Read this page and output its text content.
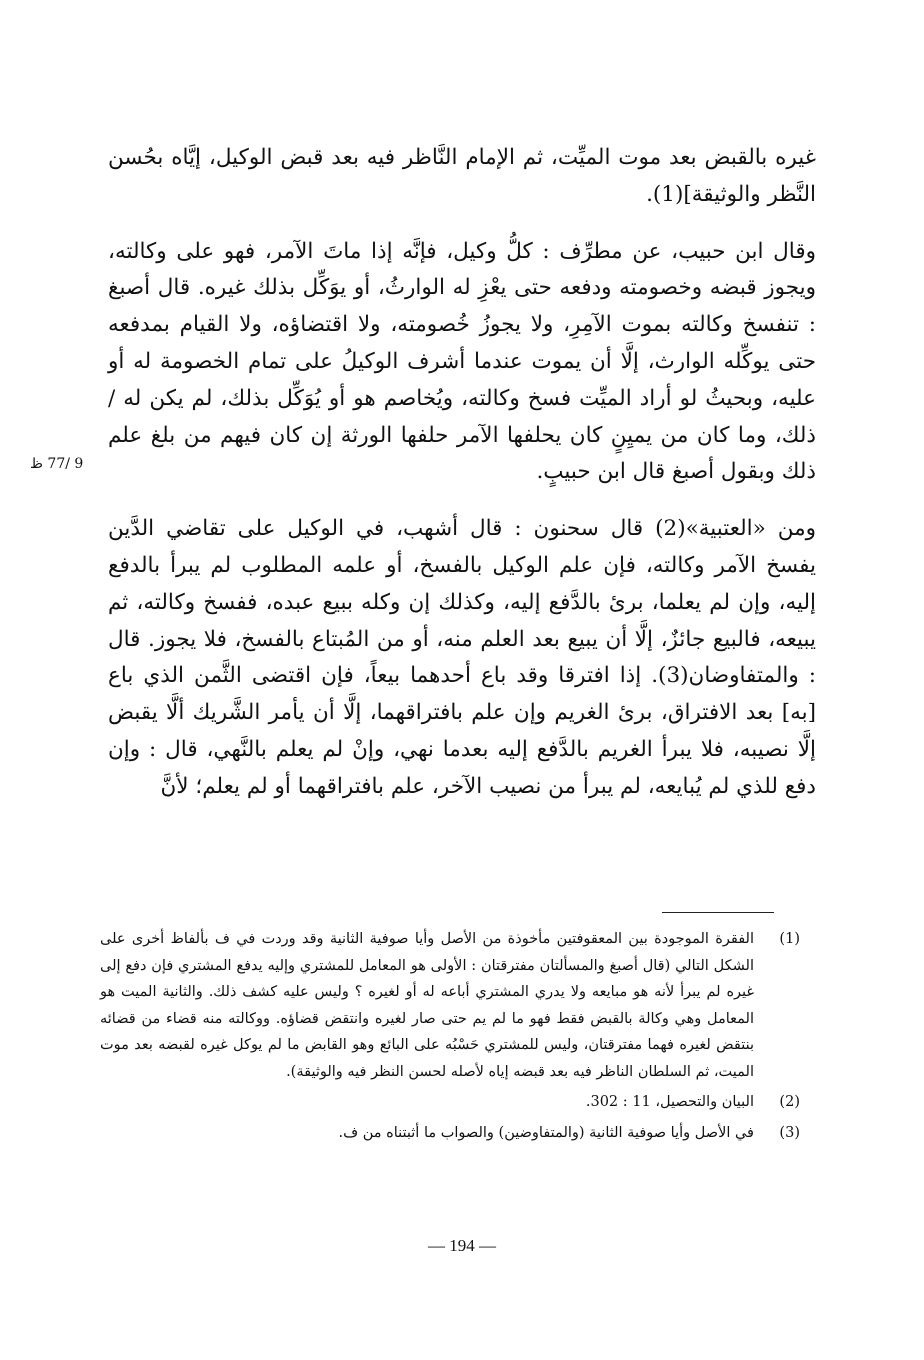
غيره بالقبض بعد موت الميِّت، ثم الإمام النَّاظر فيه بعد قبض الوكيل، إيَّاه بحُسن النَّظر والوثيقة](1).

وقال ابن حبيب، عن مطرِّف : كلُّ وكيل، فإنَّه إذا ماتَ الآمر، فهو على وكالته، ويجوز قبضه وخصومته ودفعه حتى يعْزِ له الوارثُ، أو يوَكِّل بذلك غيره. قال أصبغ : تنفسخ وكالته بموت الآمِرِ، ولا يجوزُ خُصومته، ولا اقتضاؤه، ولا القيام بمدفعه حتى يوكِّله الوارث، إلَّا أن يموت عندما أشرف الوكيلُ على تمام الخصومة له أو عليه، وبحيثُ لو أراد الميِّت فسخ وكالته، ويُخاصم هو أو يُوَكِّل بذلك، لم يكن له / ذلك، وما كان من يميِنٍ كان يحلفها الآمر حلفها الورثة إن كان فيهم من بلغ علم ذلك وبقول أصبغ قال ابن حبيبٍ.

ومن «العتبية»(2) قال سحنون : قال أشهب، في الوكيل على تقاضي الدَّين يفسخ الآمر وكالته، فإن علم الوكيل بالفسخ، أو علمه المطلوب لم يبرأ بالدفع إليه، وإن لم يعلما، برئ بالدَّفع إليه، وكذلك إن وكله ببيع عبده، ففسخ وكالته، ثم يبيعه، فالبيع جائزٌ، إلَّا أن يبيع بعد العلم منه، أو من المُبتاع بالفسخ، فلا يجوز. قال : والمتفاوضان(3). إذا افترقا وقد باع أحدهما بيعاً، فإن اقتضى الثَّمن الذي باع [به] بعد الافتراق، برئ الغريم وإن علم بافتراقهما، إلَّا أن يأمر الشَّريك ألَّا يقبض إلَّا نصيبه، فلا يبرأ الغريم بالدَّفع إليه بعدما نهي، وإنْ لم يعلم بالنَّهي، قال : وإن دفع للذي لم يُبايعه، لم يبرأ من نصيب الآخر، علم بافتراقهما أو لم يعلم؛ لأنَّ

9 /77 ظ
(1)
الفقرة الموجودة بين المعقوفتين مأخوذة من الأصل وأيا صوفية الثانية وقد وردت في ف بألفاظ أخرى على الشكل التالي (قال أصبغ والمسألتان مفترقتان : الأولى هو المعامل للمشتري وإليه يدفع المشتري فإن دفع إلى غيره لم يبرأ لأنه هو مبايعه ولا يدري المشتري أباعه له أو لغيره ؟ وليس عليه كشف ذلك. والثانية الميت هو المعامل وهي وكالة بالقبض فقط فهو ما لم يم حتى صار لغيره وانتقض قضاؤه. ووكالته منه قضاء من قضائه بنتقض لغيره فهما مفترقتان، وليس للمشتري حَسْبُه على البائع وهو القابض ما لم يوكل غيره لقبضه بعد موت الميت، ثم السلطان الناظر فيه بعد قبضه إياه لأصله لحسن النظر فيه والوثيقة).
(2)
البيان والتحصيل، 11 : 302.
(3)
في الأصل وأيا صوفية الثانية (والمتفاوضين) والصواب ما أثبتناه من ف.
— 194 —
